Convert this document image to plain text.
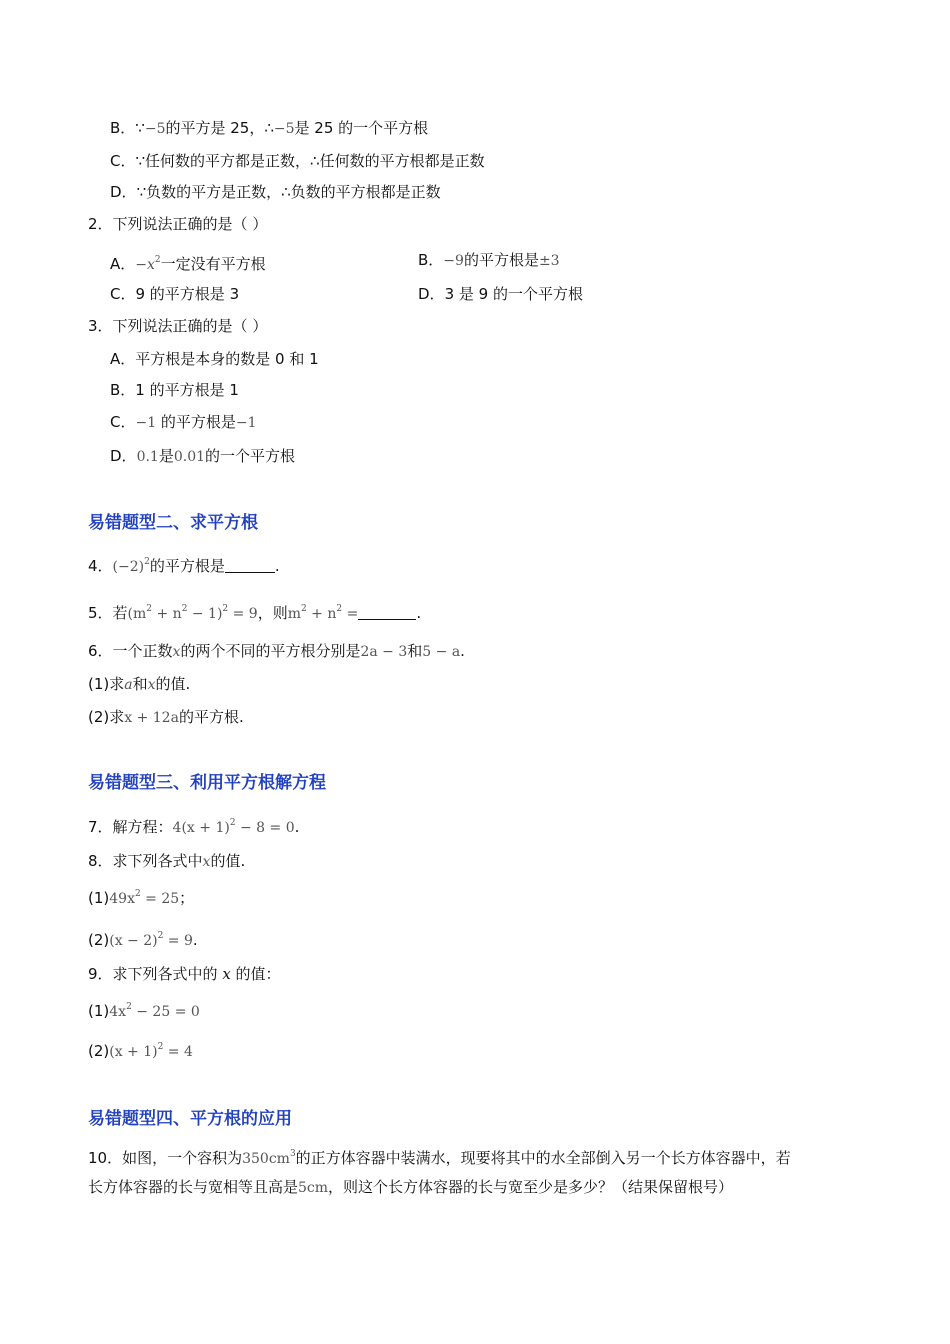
B．∵−5的平方是 25，∴−5是 25 的一个平方根
C．∵任何数的平方都是正数，∴任何数的平方根都是正数
D．∵负数的平方是正数，∴负数的平方根都是正数
2．下列说法正确的是（ ）
A．$-x^2$一定没有平方根	B．−9的平方根是±3
C．9 的平方根是 3	D．3 是 9 的一个平方根
3．下列说法正确的是（ ）
A．平方根是本身的数是 0 和 1
B．1 的平方根是 1
C．−1 的平方根是−1
D．0.1是0.01的一个平方根
易错题型二、求平方根
4．$(-2)^2$的平方根是	.
5．若$(m^2 + n^2 - 1)^2 = 9$，则$m^2 + n^2$ =	.
6．一个正数x的两个不同的平方根分别是2a − 3和5 − a.
(1)求a和x的值.
(2)求x + 12a的平方根.
易错题型三、利用平方根解方程
7．解方程：$4(x + 1)^2 - 8 = 0$.
8．求下列各式中x的值.
$(1)49x^2 = 25$；
$(2)(x - 2)^2 = 9$.
9．求下列各式中的 x 的值：
$(1)4x^2 - 25 = 0$
$(2)(x + 1)^2 = 4$
易错题型四、平方根的应用
10．如图，一个容积为$350cm^3$的正方体容器中装满水，现要将其中的水全部倒入另一个长方体容器中，若
长方体容器的长与宽相等且高是5cm，则这个长方体容器的长与宽至少是多少？（结果保留根号）
